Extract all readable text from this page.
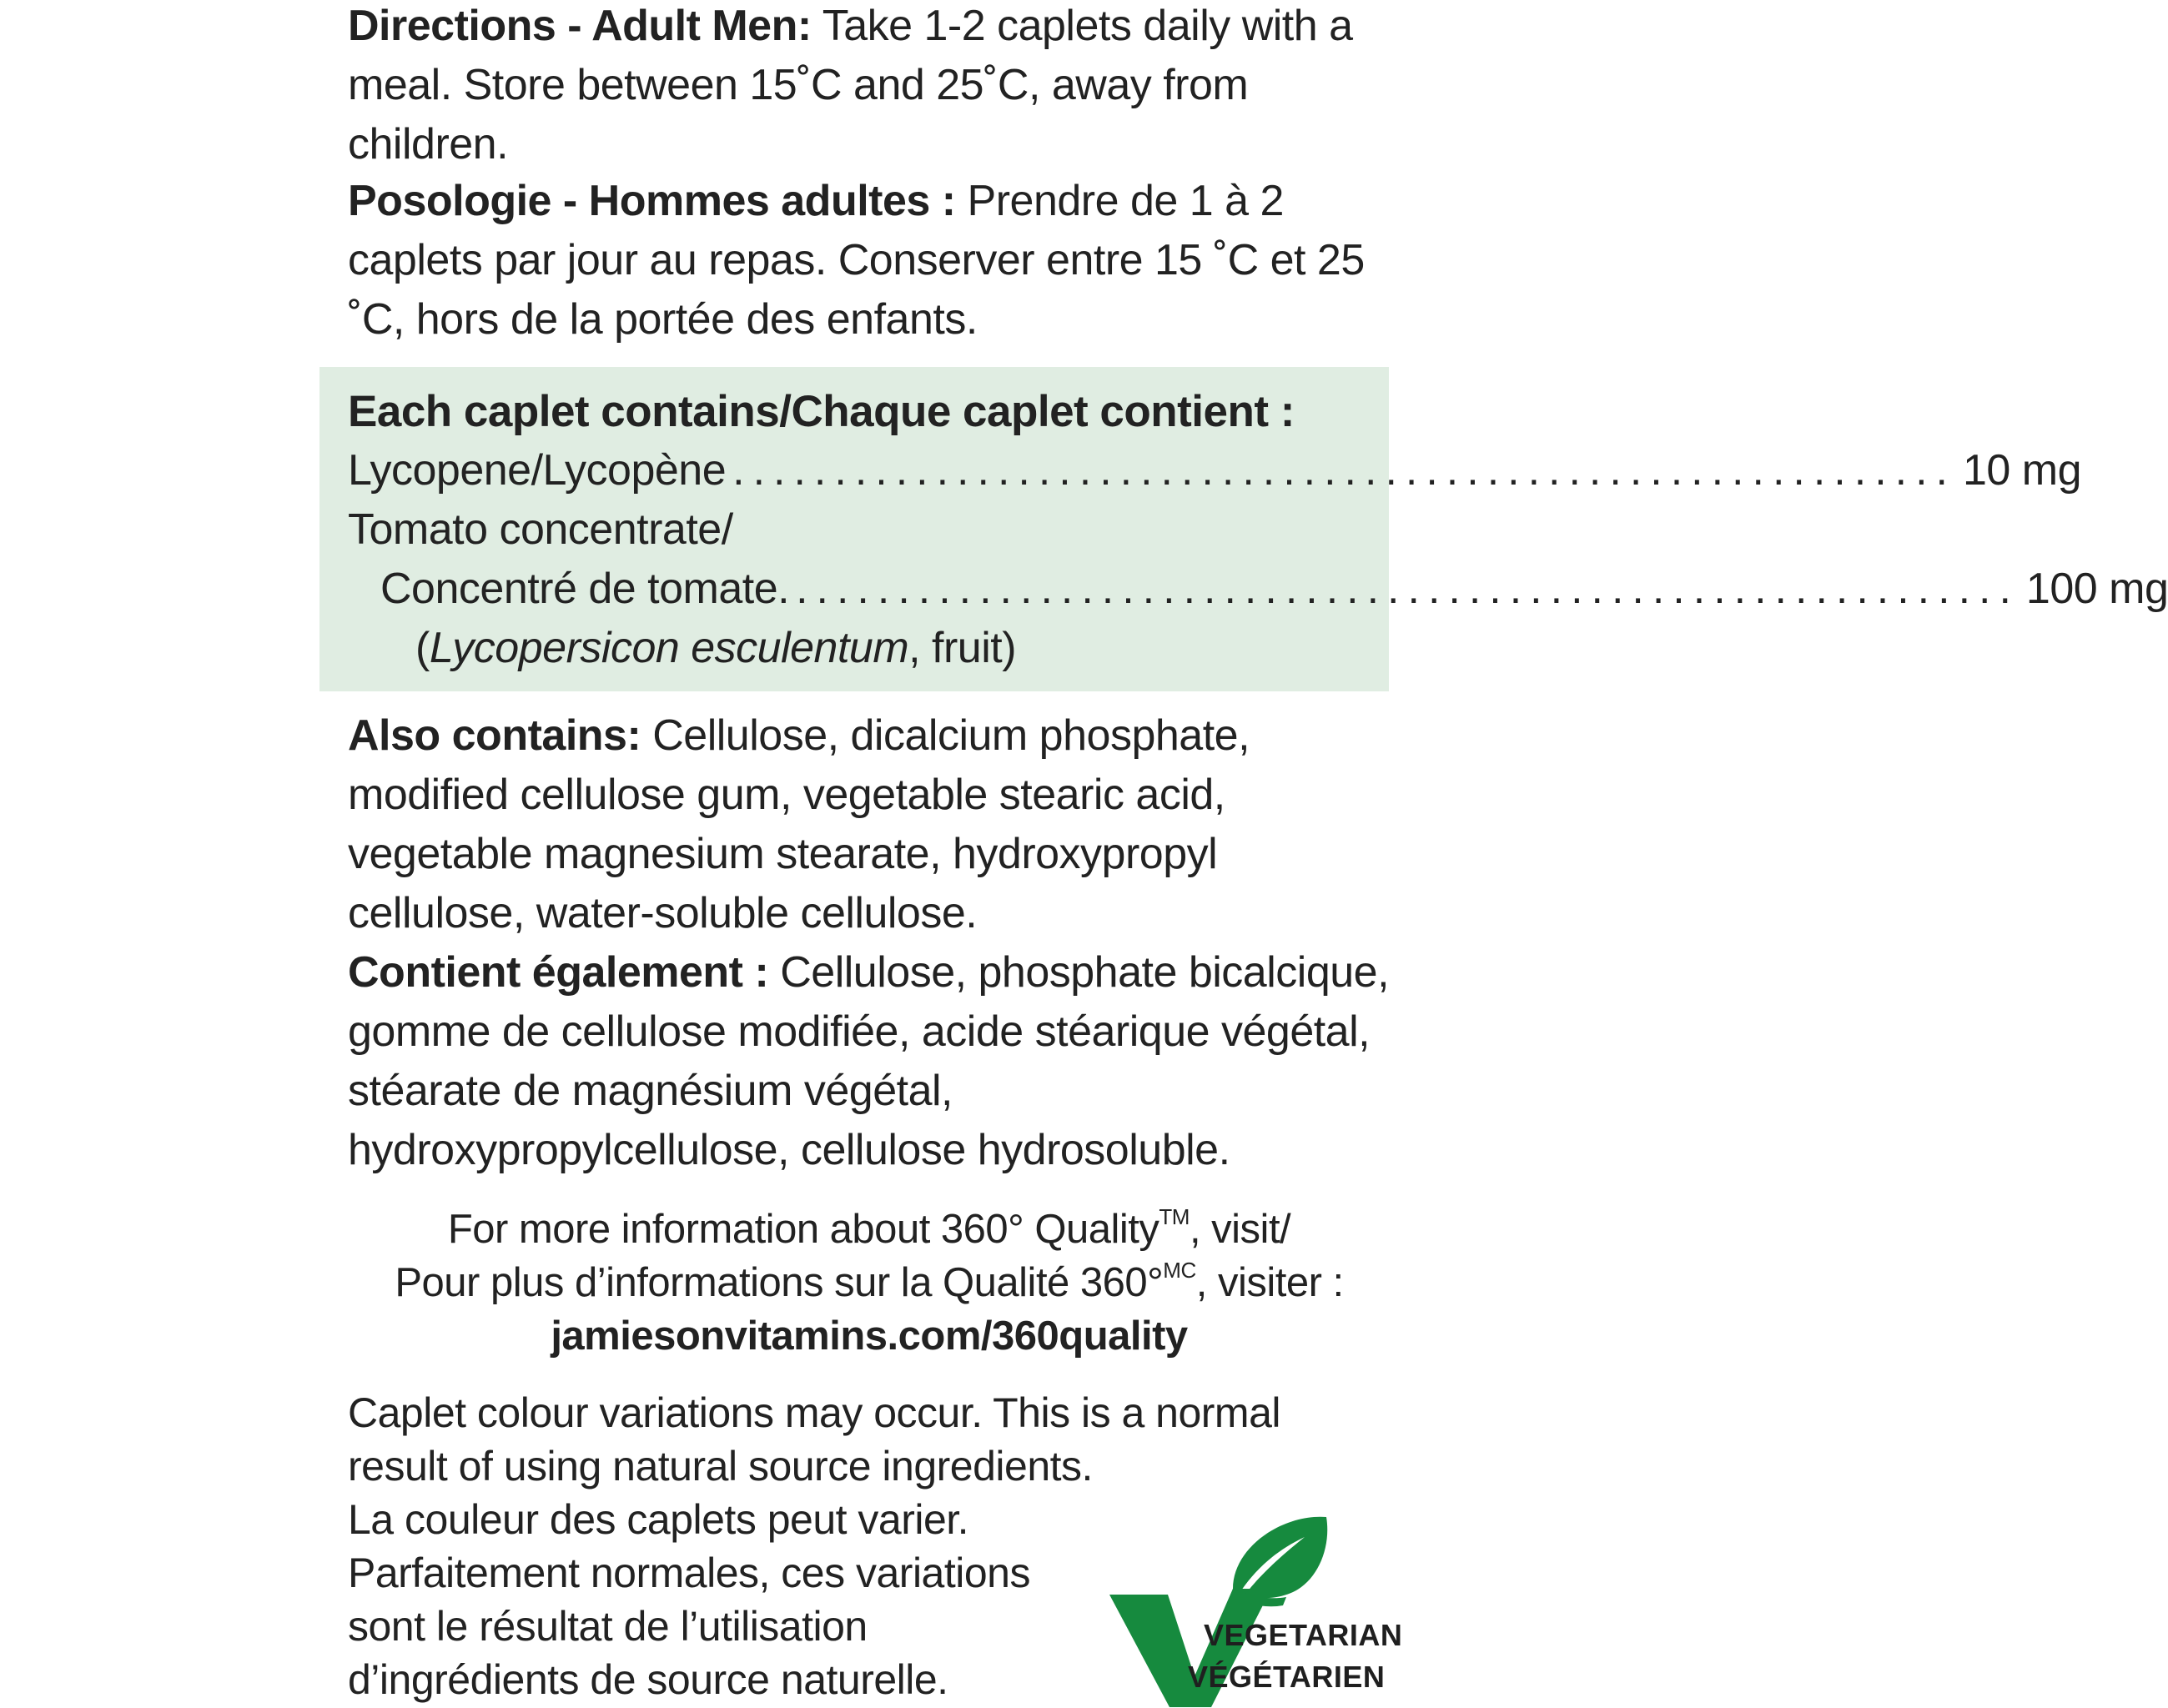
Directions - Adult Men: Take 1-2 caplets daily with a meal. Store between 15˚C and 25˚C, away from children.

Posologie - Hommes adultes : Prendre de 1 à 2 caplets par jour au repas. Conserver entre 15 ˚C et 25 ˚C, hors de la portée des enfants.

Each caplet contains/Chaque caplet contient :
Lycopene/Lycopène ............................................................ 10 mg
Tomato concentrate/
Concentré de tomate. ............................................................ 100 mg
( Lycopersicon esculentum , fruit)

Also contains: Cellulose, dicalcium phosphate, modified cellulose gum, vegetable stearic acid, vegetable magnesium stearate, hydroxypropyl cellulose, water-soluble cellulose.

Contient également : Cellulose, phosphate bicalcique, gomme de cellulose modifiée, acide stéarique végétal, stéarate de magnésium végétal, hydroxypropylcellulose, cellulose hydrosoluble.

For more information about 360° Quality™, visit/

Pour plus d’informations sur la Qualité 360°$^{MC}$, visiter :

jamiesonvitamins.com/360quality

Caplet colour variations may occur. This is a normal result of using natural source ingredients.

La couleur des caplets peut varier. Parfaitement normales, ces variations sont le résultat de l’utilisation d’ingrédients de source naturelle.

VEGETARIAN
VÉGÉTARIEN
